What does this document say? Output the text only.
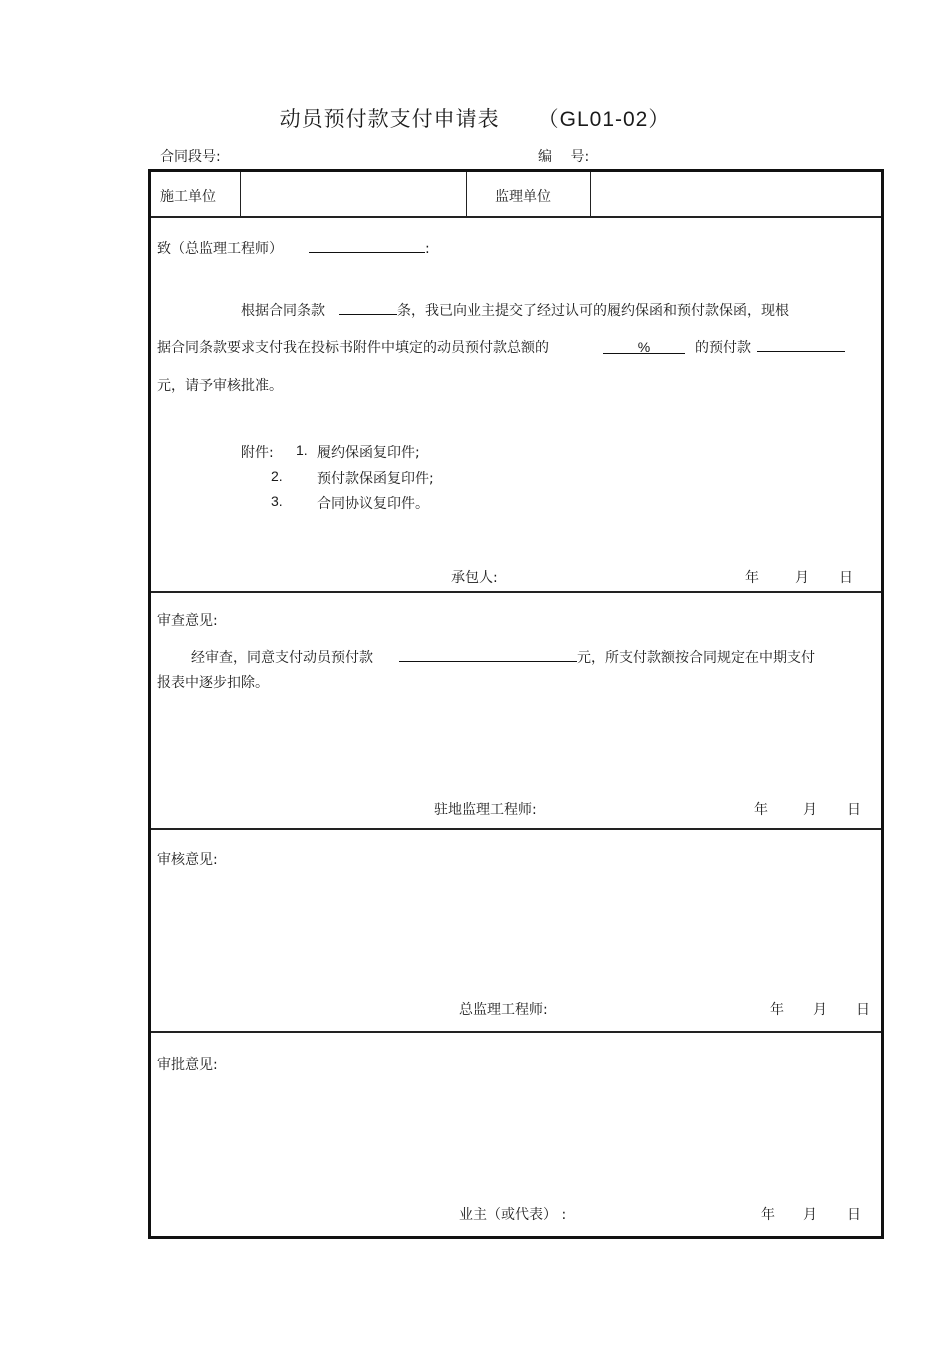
动员预付款支付申请表 （GL01-02）
合同段号:	编　 号:
施工单位	监理单位
致（总监理工程师）	:
根据合同条款	条，我已向业主提交了经过认可的履约保函和预付款保函，现根
据合同条款要求支付我在投标书附件中填定的动员预付款总额的	%	的预付款
元，请予审核批准。
附件: 1. 履约保函复印件;
2. 预付款保函复印件;
3. 合同协议复印件。
承包人:	年	月 日
审查意见:
经审查，同意支付动员预付款	元，所支付款额按合同规定在中期支付
报表中逐步扣除。
驻地监理工程师:	年	月 日
审核意见:
总监理工程师:	年 月 日
审批意见:
业主（或代表） :	年 月 日
